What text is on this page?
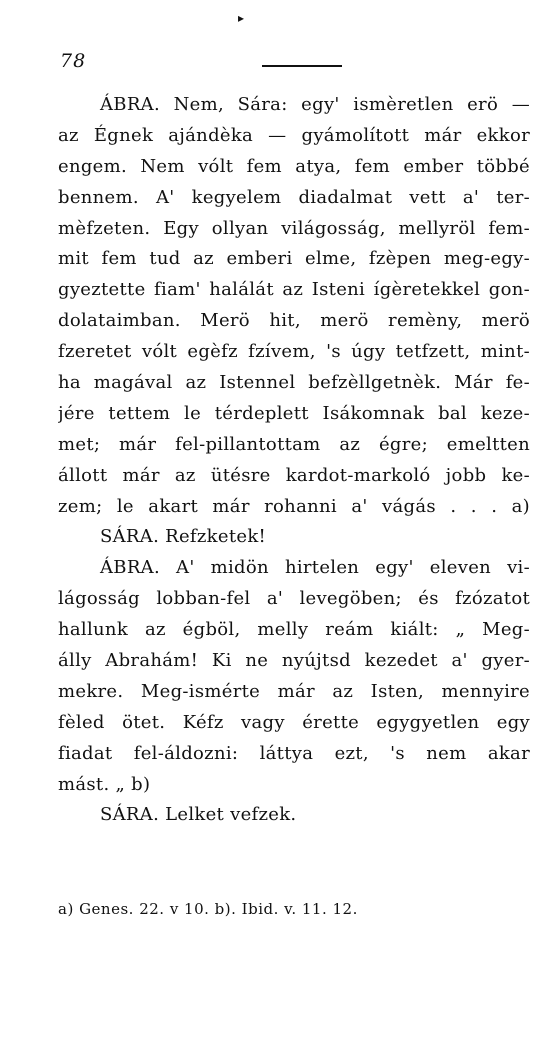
▸
78
ÁBRA. Nem, Sára: egy' ismèretlen erö —
az Égnek ajándèka — gyámolított már ekkor
engem. Nem vólt fem atya, fem ember többé
bennem. A' kegyelem diadalmat vett a' ter-
mèfzeten. Egy ollyan világosság, mellyröl fem-
mit fem tud az emberi elme, fzèpen meg-egy-
gyeztette fiam' halálát az Isteni ígèretekkel gon-
dolataimban. Merö hit, merö remèny, merö
fzeretet vólt egèfz fzívem, 's úgy tetfzett, mint-
ha magával az Istennel befzèllgetnèk. Már fe-
jére tettem le térdeplett Isákomnak bal keze-
met; már fel-pillantottam az égre; emeltten
állott már az ütésre kardot-markoló jobb ke-
zem; le akart már rohanni a' vágás . . . a)
SÁRA. Refzketek!
ÁBRA. A' midön hirtelen egy' eleven vi-
lágosság lobban-fel a' levegöben; és fzózatot
hallunk az égböl, melly reám kiált: „ Meg-
álly Abrahám! Ki ne nyújtsd kezedet a' gyer-
mekre. Meg-ismérte már az Isten, mennyire
fèled ötet. Kéfz vagy érette egygyetlen egy
fiadat fel-áldozni: láttya ezt, 's nem akar
mást. „ b)
SÁRA. Lelket vefzek.
a) Genes. 22. v 10. b). Ibid. v. 11. 12.
